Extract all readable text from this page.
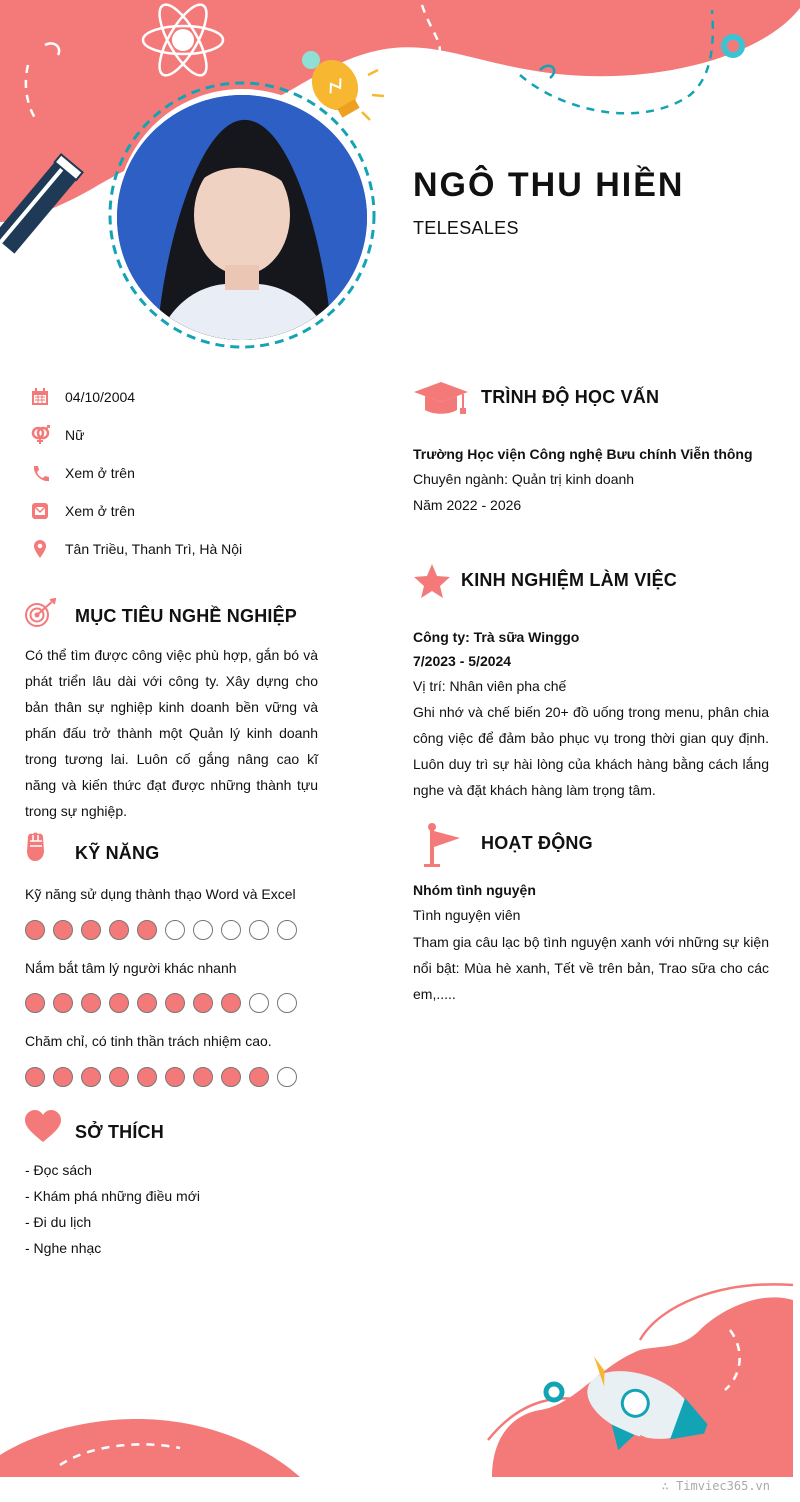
NGÔ THU HIỀN
TELESALES
04/10/2004
Nữ
Xem ở trên
Xem ở trên
Tân Triều, Thanh Trì, Hà Nội
MỤC TIÊU NGHỀ NGHIỆP

Có thể tìm được công việc phù hợp, gắn bó và phát triển lâu dài với công ty. Xây dựng cho bản thân sự nghiệp kinh doanh bền vững và phấn đấu trở thành một Quản lý kinh doanh trong tương lai. Luôn cố gắng nâng cao kĩ năng và kiến thức đạt được những thành tựu trong sự nghiệp.

KỸ NĂNG
Kỹ năng sử dụng thành thạo Word và Excel
Nắm bắt tâm lý người khác nhanh
Chăm chỉ, có tinh thần trách nhiệm cao.
SỞ THÍCH
- Đọc sách
- Khám phá những điều mới
- Đi du lịch
- Nghe nhạc
TRÌNH ĐỘ HỌC VẤN
Trường Học viện Công nghệ Bưu chính Viễn thông
Chuyên ngành: Quản trị kinh doanh
Năm 2022 - 2026
KINH NGHIỆM LÀM VIỆC
Công ty: Trà sữa Winggo
7/2023 - 5/2024
Vị trí: Nhân viên pha chế

Ghi nhớ và chế biến 20+ đồ uống trong menu, phân chia công việc để đảm bảo phục vụ trong thời gian quy định. Luôn duy trì sự hài lòng của khách hàng bằng cách lắng nghe và đặt khách hàng làm trọng tâm.

HOẠT ĐỘNG
Nhóm tình nguyện
Tình nguyện viên

Tham gia câu lạc bộ tình nguyện xanh với những sự kiện nổi bật: Mùa hè xanh, Tết về trên bản, Trao sữa cho các em,.....

∴ Timviec365.vn
